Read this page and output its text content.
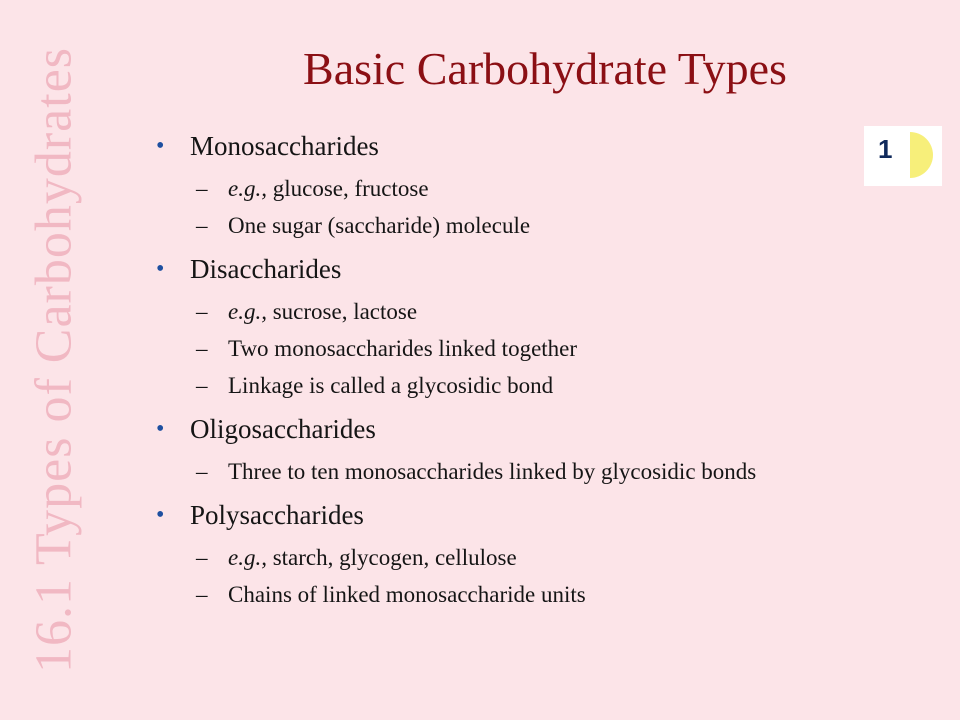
16.1 Types of Carbohydrates	Basic Carbohydrate Types
1
• Monosaccharides
– e.g., glucose, fructose
– One sugar (saccharide) molecule
• Disaccharides
– e.g., sucrose, lactose
– Two monosaccharides linked together
– Linkage is called a glycosidic bond
• Oligosaccharides
– Three to ten monosaccharides linked by glycosidic bonds
• Polysaccharides
– e.g., starch, glycogen, cellulose
– Chains of linked monosaccharide units
